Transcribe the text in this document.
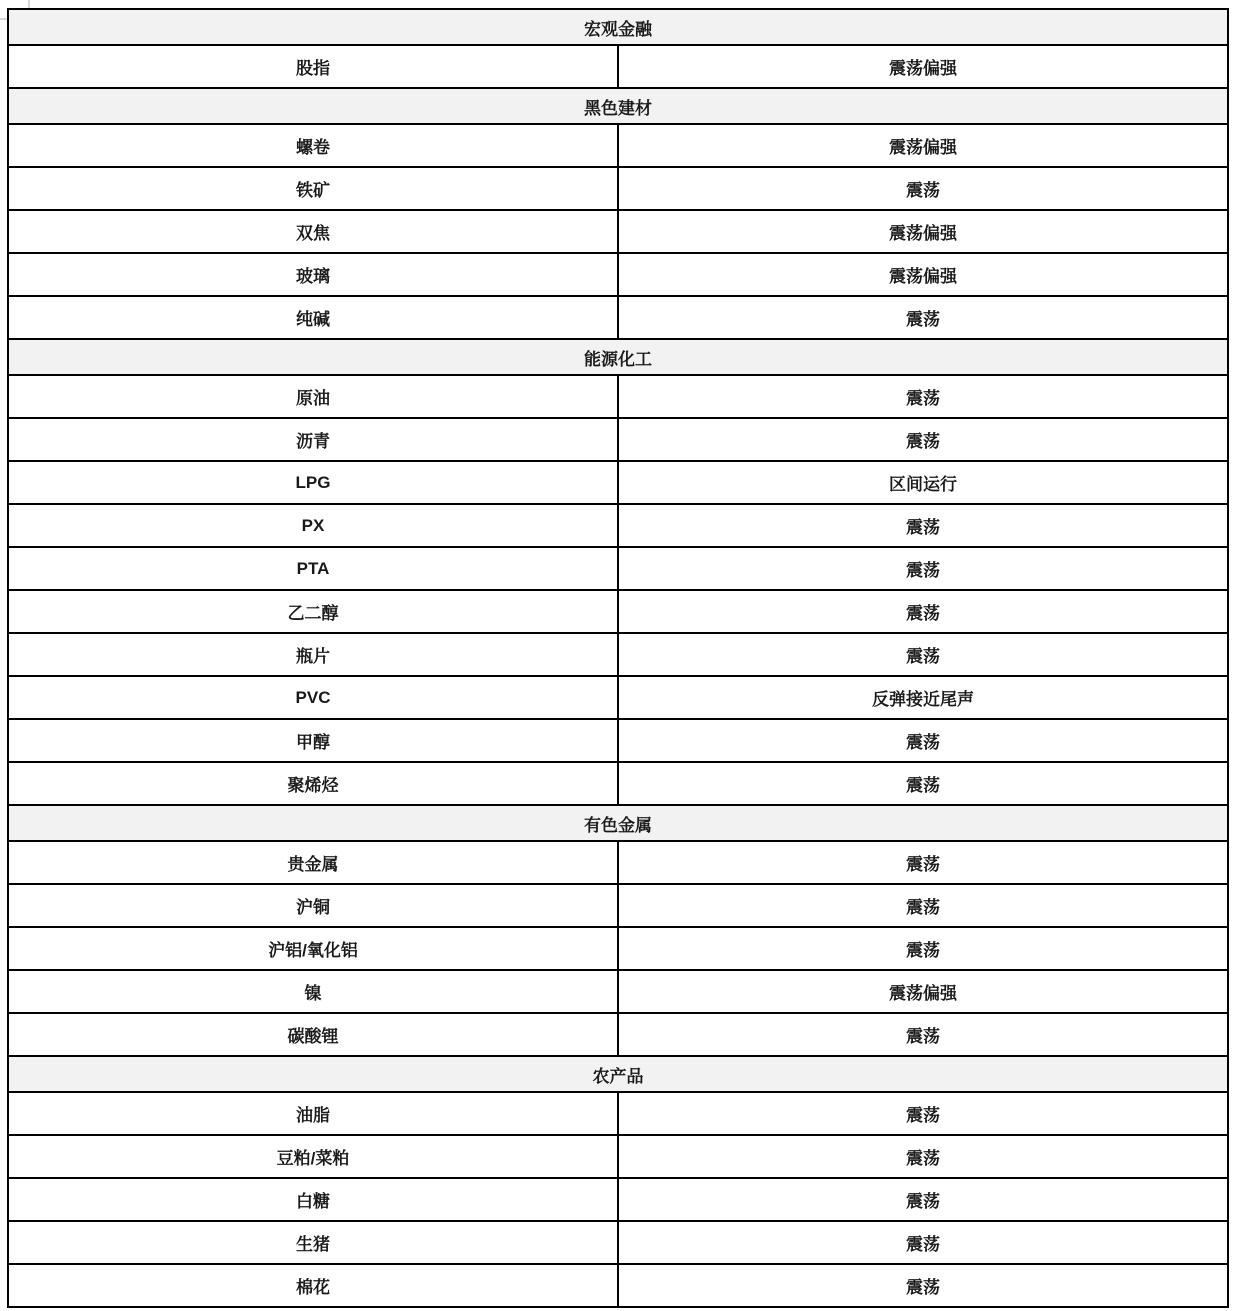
宏观金融	
股指	震荡偏强
黑色建材	
螺卷	震荡偏强
铁矿	震荡
双焦	震荡偏强
玻璃	震荡偏强
纯碱	震荡
能源化工	
原油	震荡
沥青	震荡
LPG	区间运行
PX	震荡
PTA	震荡
乙二醇	震荡
瓶片	震荡
PVC	反弹接近尾声
甲醇	震荡
聚烯烃	震荡
有色金属	
贵金属	震荡
沪铜	震荡
沪铝/氧化铝	震荡
镍	震荡偏强
碳酸锂	震荡
农产品	
油脂	震荡
豆粕/菜粕	震荡
白糖	震荡
生猪	震荡
棉花	震荡
